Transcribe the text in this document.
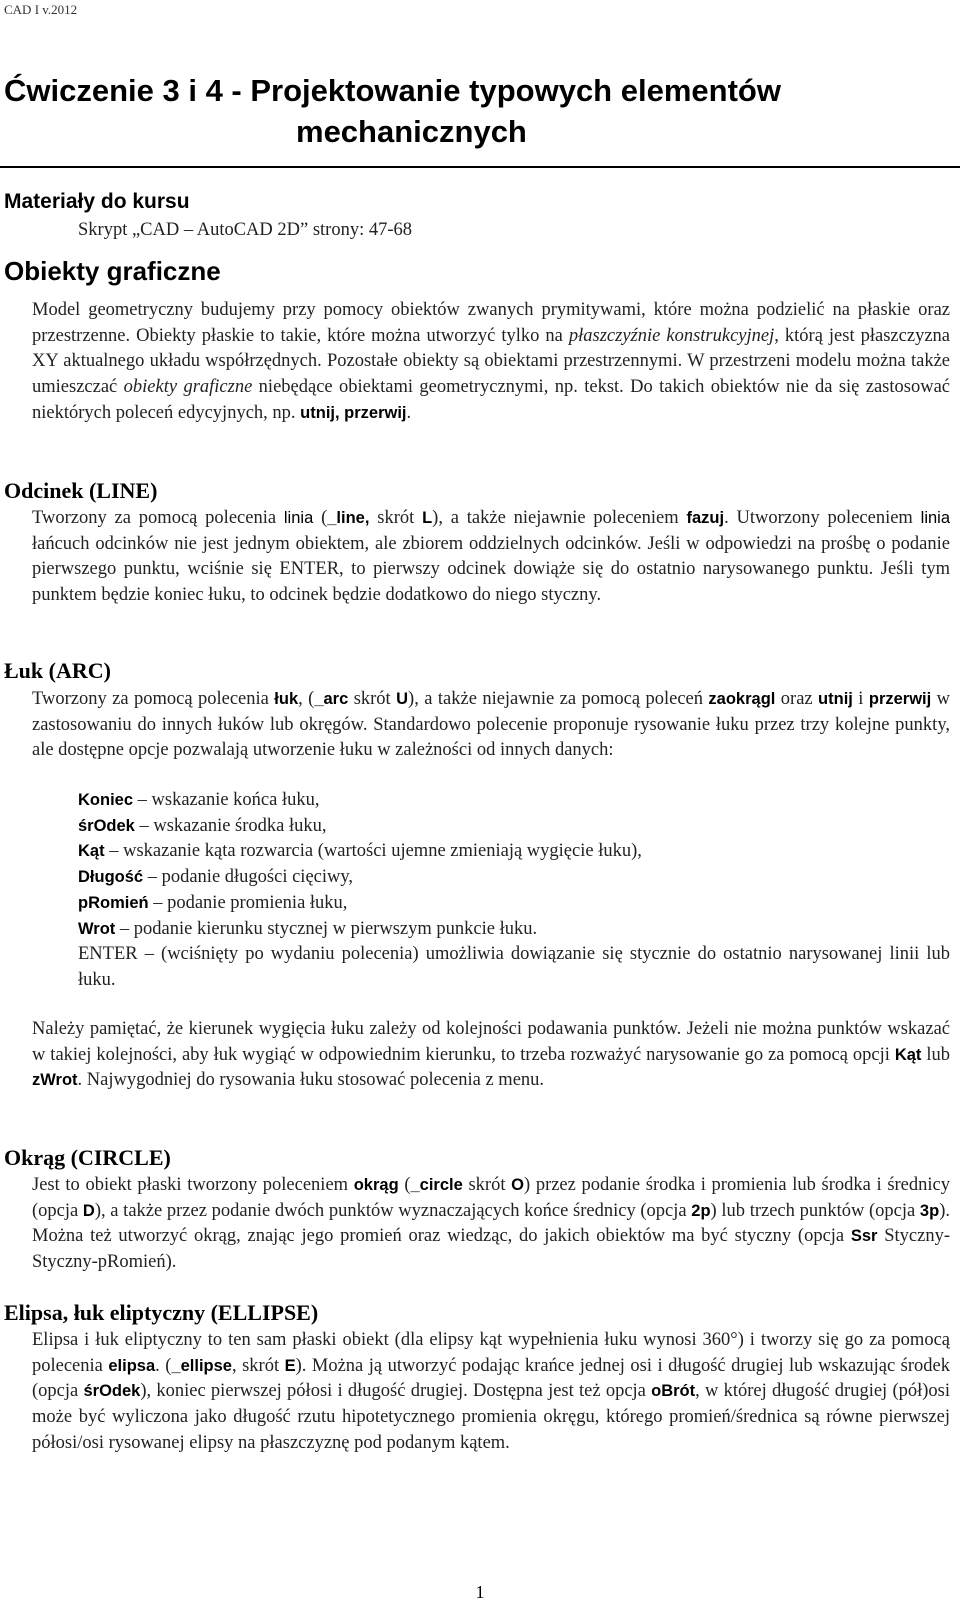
CAD I v.2012
Ćwiczenie 3 i 4 - Projektowanie typowych elementów
mechanicznych
Materiały do kursu
Skrypt „CAD – AutoCAD 2D” strony: 47-68
Obiekty graficzne
Model geometryczny budujemy przy pomocy obiektów zwanych prymitywami, które można podzielić na płaskie oraz przestrzenne. Obiekty płaskie to takie, które można utworzyć tylko na płaszczyźnie konstrukcyjnej, którą jest płaszczyzna XY aktualnego układu współrzędnych. Pozostałe obiekty są obiektami przestrzennymi. W przestrzeni modelu można także umieszczać obiekty graficzne niebędące obiektami geometrycznymi, np. tekst. Do takich obiektów nie da się zastosować niektórych poleceń edycyjnych, np. utnij, przerwij.
Odcinek (LINE)
Tworzony za pomocą polecenia linia (_line, skrót L), a także niejawnie poleceniem fazuj. Utworzony poleceniem linia łańcuch odcinków nie jest jednym obiektem, ale zbiorem oddzielnych odcinków. Jeśli w odpowiedzi na prośbę o podanie pierwszego punktu, wciśnie się ENTER, to pierwszy odcinek dowiąże się do ostatnio narysowanego punktu. Jeśli tym punktem będzie koniec łuku, to odcinek będzie dodatkowo do niego styczny.
Łuk (ARC)
Tworzony za pomocą polecenia łuk, (_arc skrót U), a także niejawnie za pomocą poleceń zaokrągl oraz utnij i przerwij w zastosowaniu do innych łuków lub okręgów. Standardowo polecenie proponuje rysowanie łuku przez trzy kolejne punkty, ale dostępne opcje pozwalają utworzenie łuku w zależności od innych danych:
Koniec – wskazanie końca łuku,
śrOdek – wskazanie środka łuku,
Kąt – wskazanie kąta rozwarcia (wartości ujemne zmieniają wygięcie łuku),
Długość – podanie długości cięciwy,
pRomień – podanie promienia łuku,
Wrot – podanie kierunku stycznej w pierwszym punkcie łuku.
ENTER – (wciśnięty po wydaniu polecenia) umożliwia dowiązanie się stycznie do ostatnio narysowanej linii lub łuku.
Należy pamiętać, że kierunek wygięcia łuku zależy od kolejności podawania punktów. Jeżeli nie można punktów wskazać w takiej kolejności, aby łuk wygiąć w odpowiednim kierunku, to trzeba rozważyć narysowanie go za pomocą opcji Kąt lub zWrot. Najwygodniej do rysowania łuku stosować polecenia z menu.
Okrąg (CIRCLE)
Jest to obiekt płaski tworzony poleceniem okrąg (_circle skrót O) przez podanie środka i promienia lub środka i średnicy (opcja D), a także przez podanie dwóch punktów wyznaczających końce średnicy (opcja 2p) lub trzech punktów (opcja 3p). Można też utworzyć okrąg, znając jego promień oraz wiedząc, do jakich obiektów ma być styczny (opcja Ssr Styczny-Styczny-pRomień).
Elipsa, łuk eliptyczny (ELLIPSE)
Elipsa i łuk eliptyczny to ten sam płaski obiekt (dla elipsy kąt wypełnienia łuku wynosi 360°) i tworzy się go za pomocą polecenia elipsa. (_ellipse, skrót E). Można ją utworzyć podając krańce jednej osi i długość drugiej lub wskazując środek (opcja śrOdek), koniec pierwszej półosi i długość drugiej. Dostępna jest też opcja oBrót, w której długość drugiej (pół)osi może być wyliczona jako długość rzutu hipotetycznego promienia okręgu, którego promień/średnica są równe pierwszej półosi/osi rysowanej elipsy na płaszczyznę pod podanym kątem.
1
